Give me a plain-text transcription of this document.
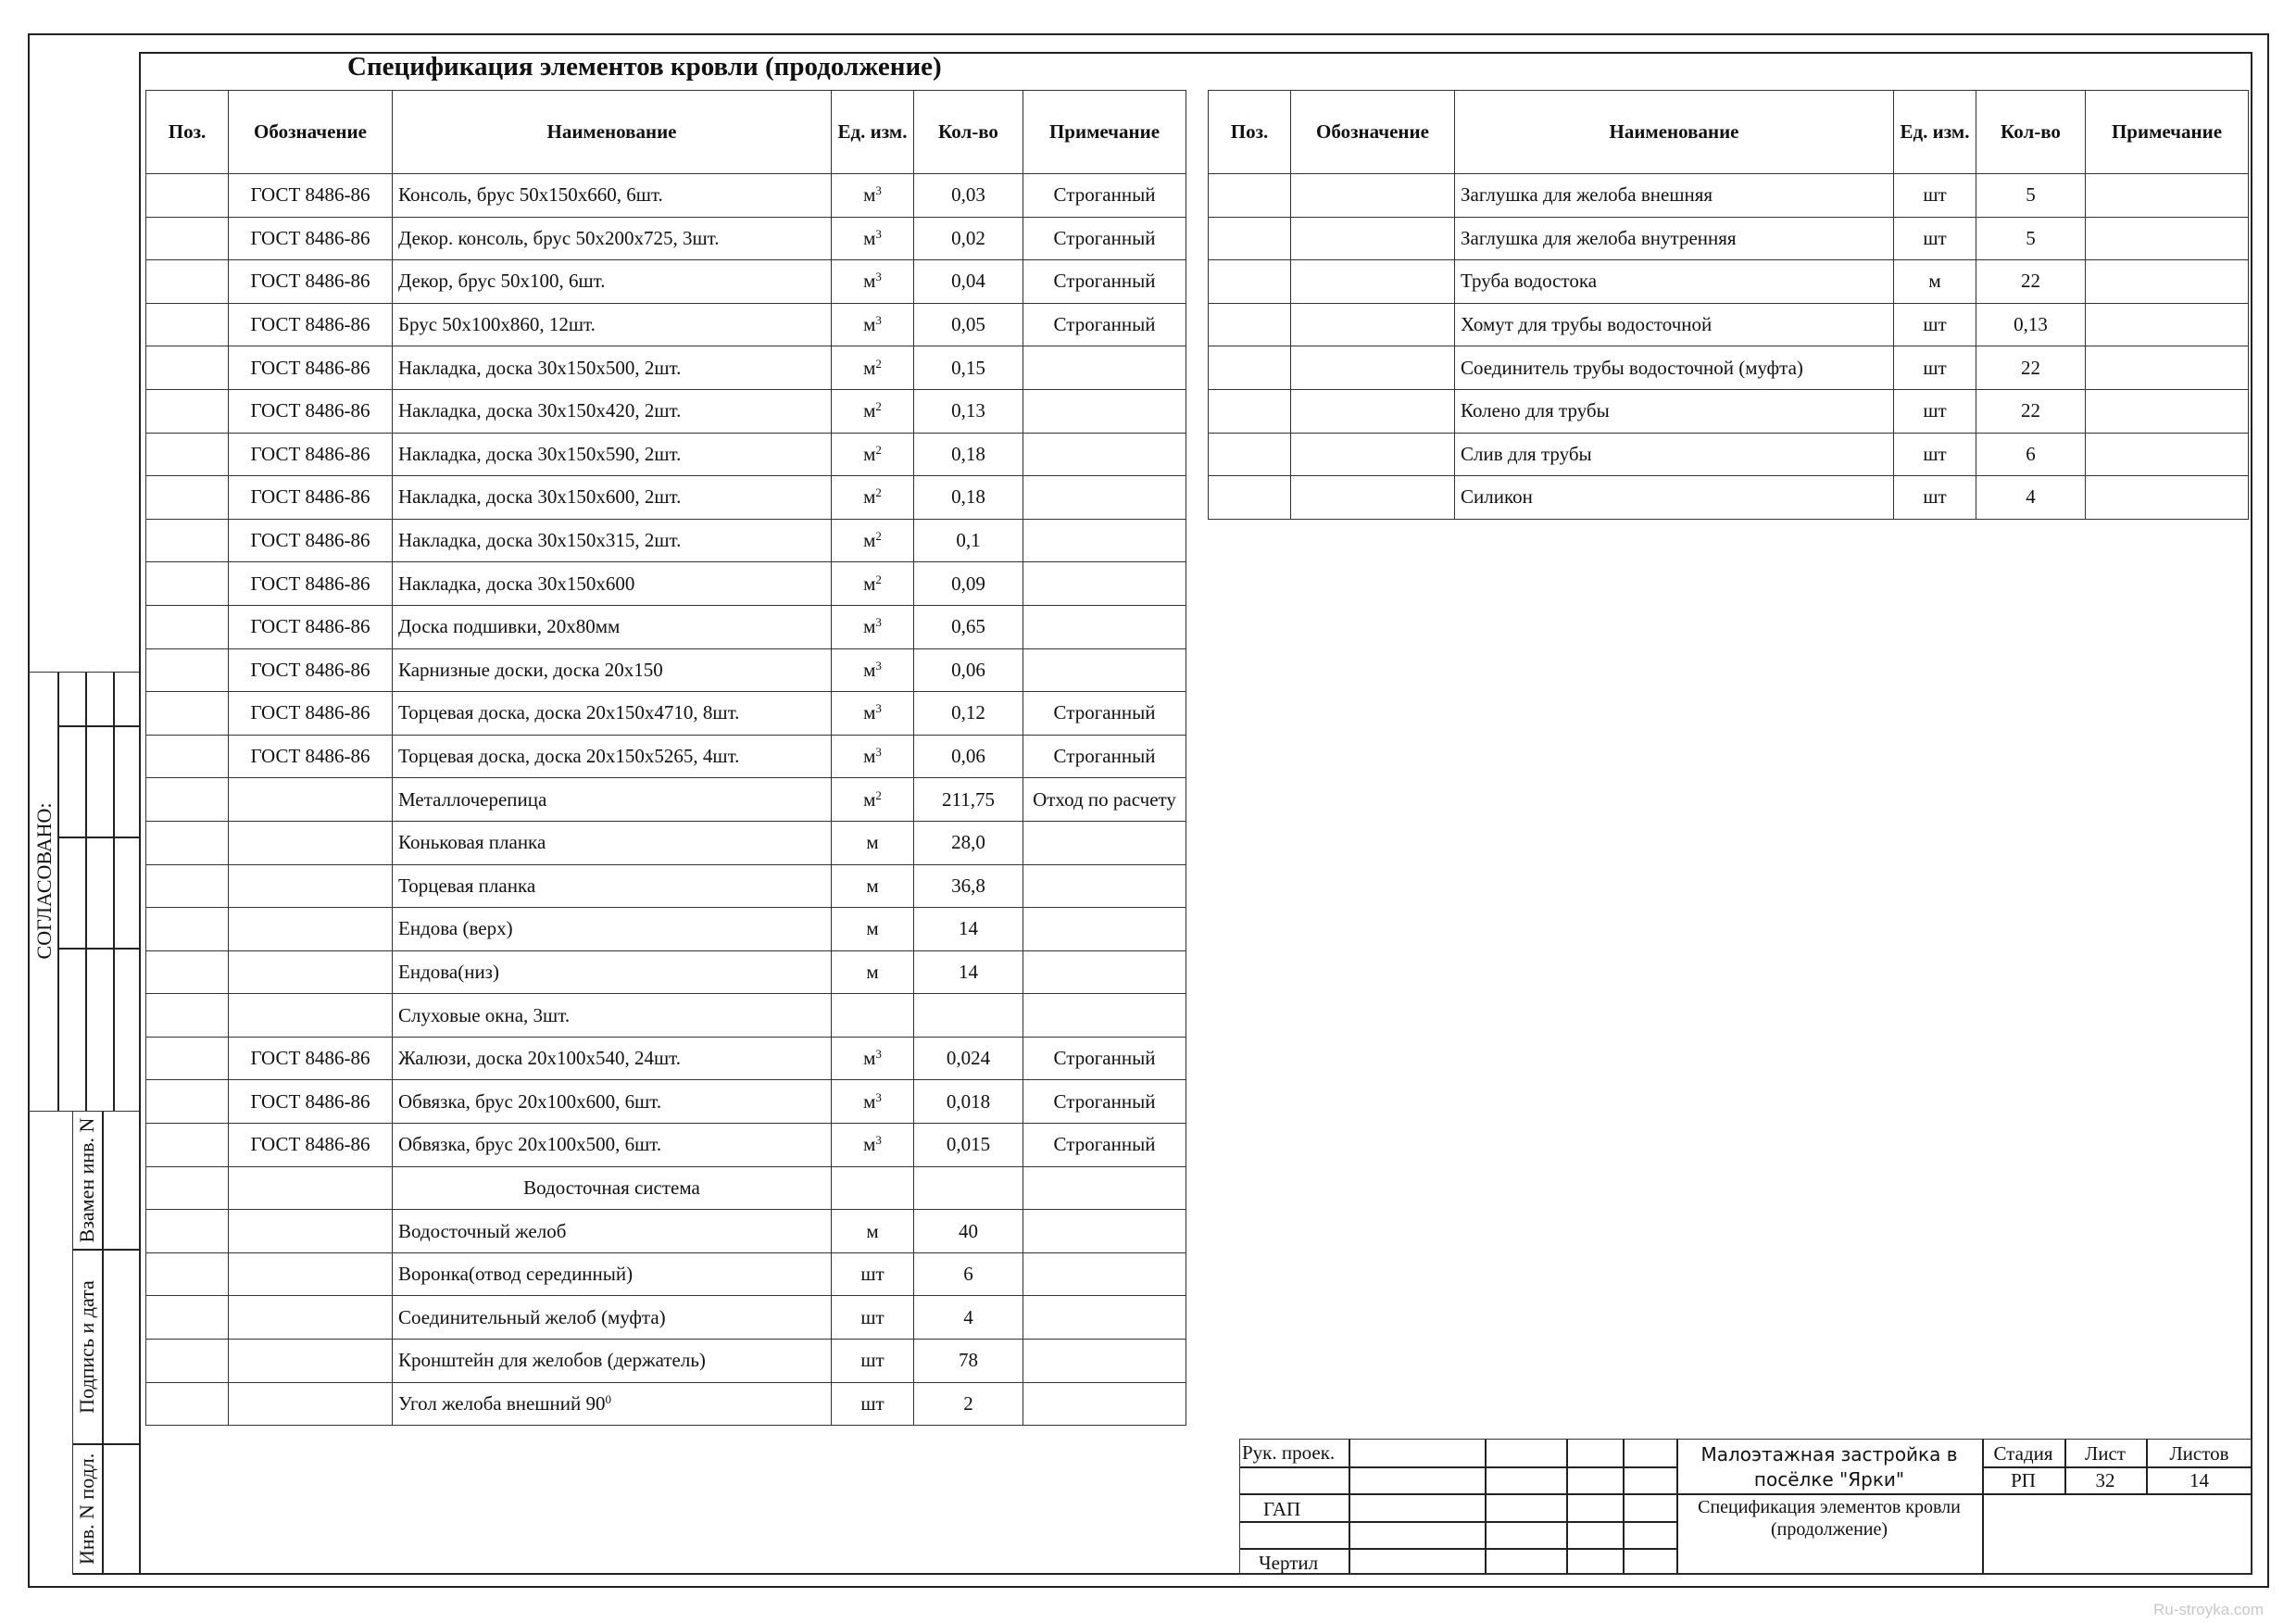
СОГЛАСОВАНО:
Взамен инв. N
Подпись и дата
Инв. N подл.
Спецификация элементов кровли (продолжение)
Поз.	Обозначение	Наименование	Ед. изм.	Кол-во	Примечание
	ГОСТ 8486-86	Консоль, брус 50х150х660, 6шт.	$м^3$	0,03	Строганный
	ГОСТ 8486-86	Декор. консоль, брус 50х200х725, 3шт.	$м^3$	0,02	Строганный
	ГОСТ 8486-86	Декор, брус 50х100, 6шт.	$м^3$	0,04	Строганный
	ГОСТ 8486-86	Брус 50х100х860, 12шт.	$м^3$	0,05	Строганный
	ГОСТ 8486-86	Накладка, доска 30х150х500, 2шт.	$м^2$	0,15	
	ГОСТ 8486-86	Накладка, доска 30х150х420, 2шт.	$м^2$	0,13	
	ГОСТ 8486-86	Накладка, доска 30х150х590, 2шт.	$м^2$	0,18	
	ГОСТ 8486-86	Накладка, доска 30х150х600, 2шт.	$м^2$	0,18	
	ГОСТ 8486-86	Накладка, доска 30х150х315, 2шт.	$м^2$	0,1	
	ГОСТ 8486-86	Накладка, доска 30х150х600	$м^2$	0,09	
	ГОСТ 8486-86	Доска подшивки, 20х80мм	$м^3$	0,65	
	ГОСТ 8486-86	Карнизные доски, доска 20х150	$м^3$	0,06	
	ГОСТ 8486-86	Торцевая доска, доска 20х150х4710, 8шт.	$м^3$	0,12	Строганный
	ГОСТ 8486-86	Торцевая доска, доска 20х150х5265, 4шт.	$м^3$	0,06	Строганный
		Металлочерепица	$м^2$	211,75	Отход по расчету
		Коньковая планка	м	28,0	
		Торцевая планка	м	36,8	
		Ендова (верх)	м	14	
		Ендова(низ)	м	14	
		Слуховые окна, 3шт.			
	ГОСТ 8486-86	Жалюзи, доска 20х100х540, 24шт.	$м^3$	0,024	Строганный
	ГОСТ 8486-86	Обвязка, брус 20х100х600, 6шт.	$м^3$	0,018	Строганный
	ГОСТ 8486-86	Обвязка, брус 20х100х500, 6шт.	$м^3$	0,015	Строганный
		Водосточная система			
		Водосточный желоб	м	40	
		Воронка(отвод серединный)	шт	6	
		Соединительный желоб (муфта)	шт	4	
		Кронштейн для желобов (держатель)	шт	78	
		Угол желоба внешний $90^0$	шт	2	
Поз.	Обозначение	Наименование	Ед. изм.	Кол-во	Примечание
		Заглушка для желоба внешняя	шт	5	
		Заглушка для желоба внутренняя	шт	5	
		Труба водостока	м	22	
		Хомут для трубы водосточной	шт	0,13	
		Соединитель трубы водосточной (муфта)	шт	22	
		Колено для трубы	шт	22	
		Слив для трубы	шт	6	
		Силикон	шт	4	
Рук. проек.
ГАП
Чертил
Малоэтажная застройка в
посёлке "Ярки"
Спецификация элементов кровли
(продолжение)
Стадия	Лист	Листов
РП	32	14
Ru-stroyka.com
